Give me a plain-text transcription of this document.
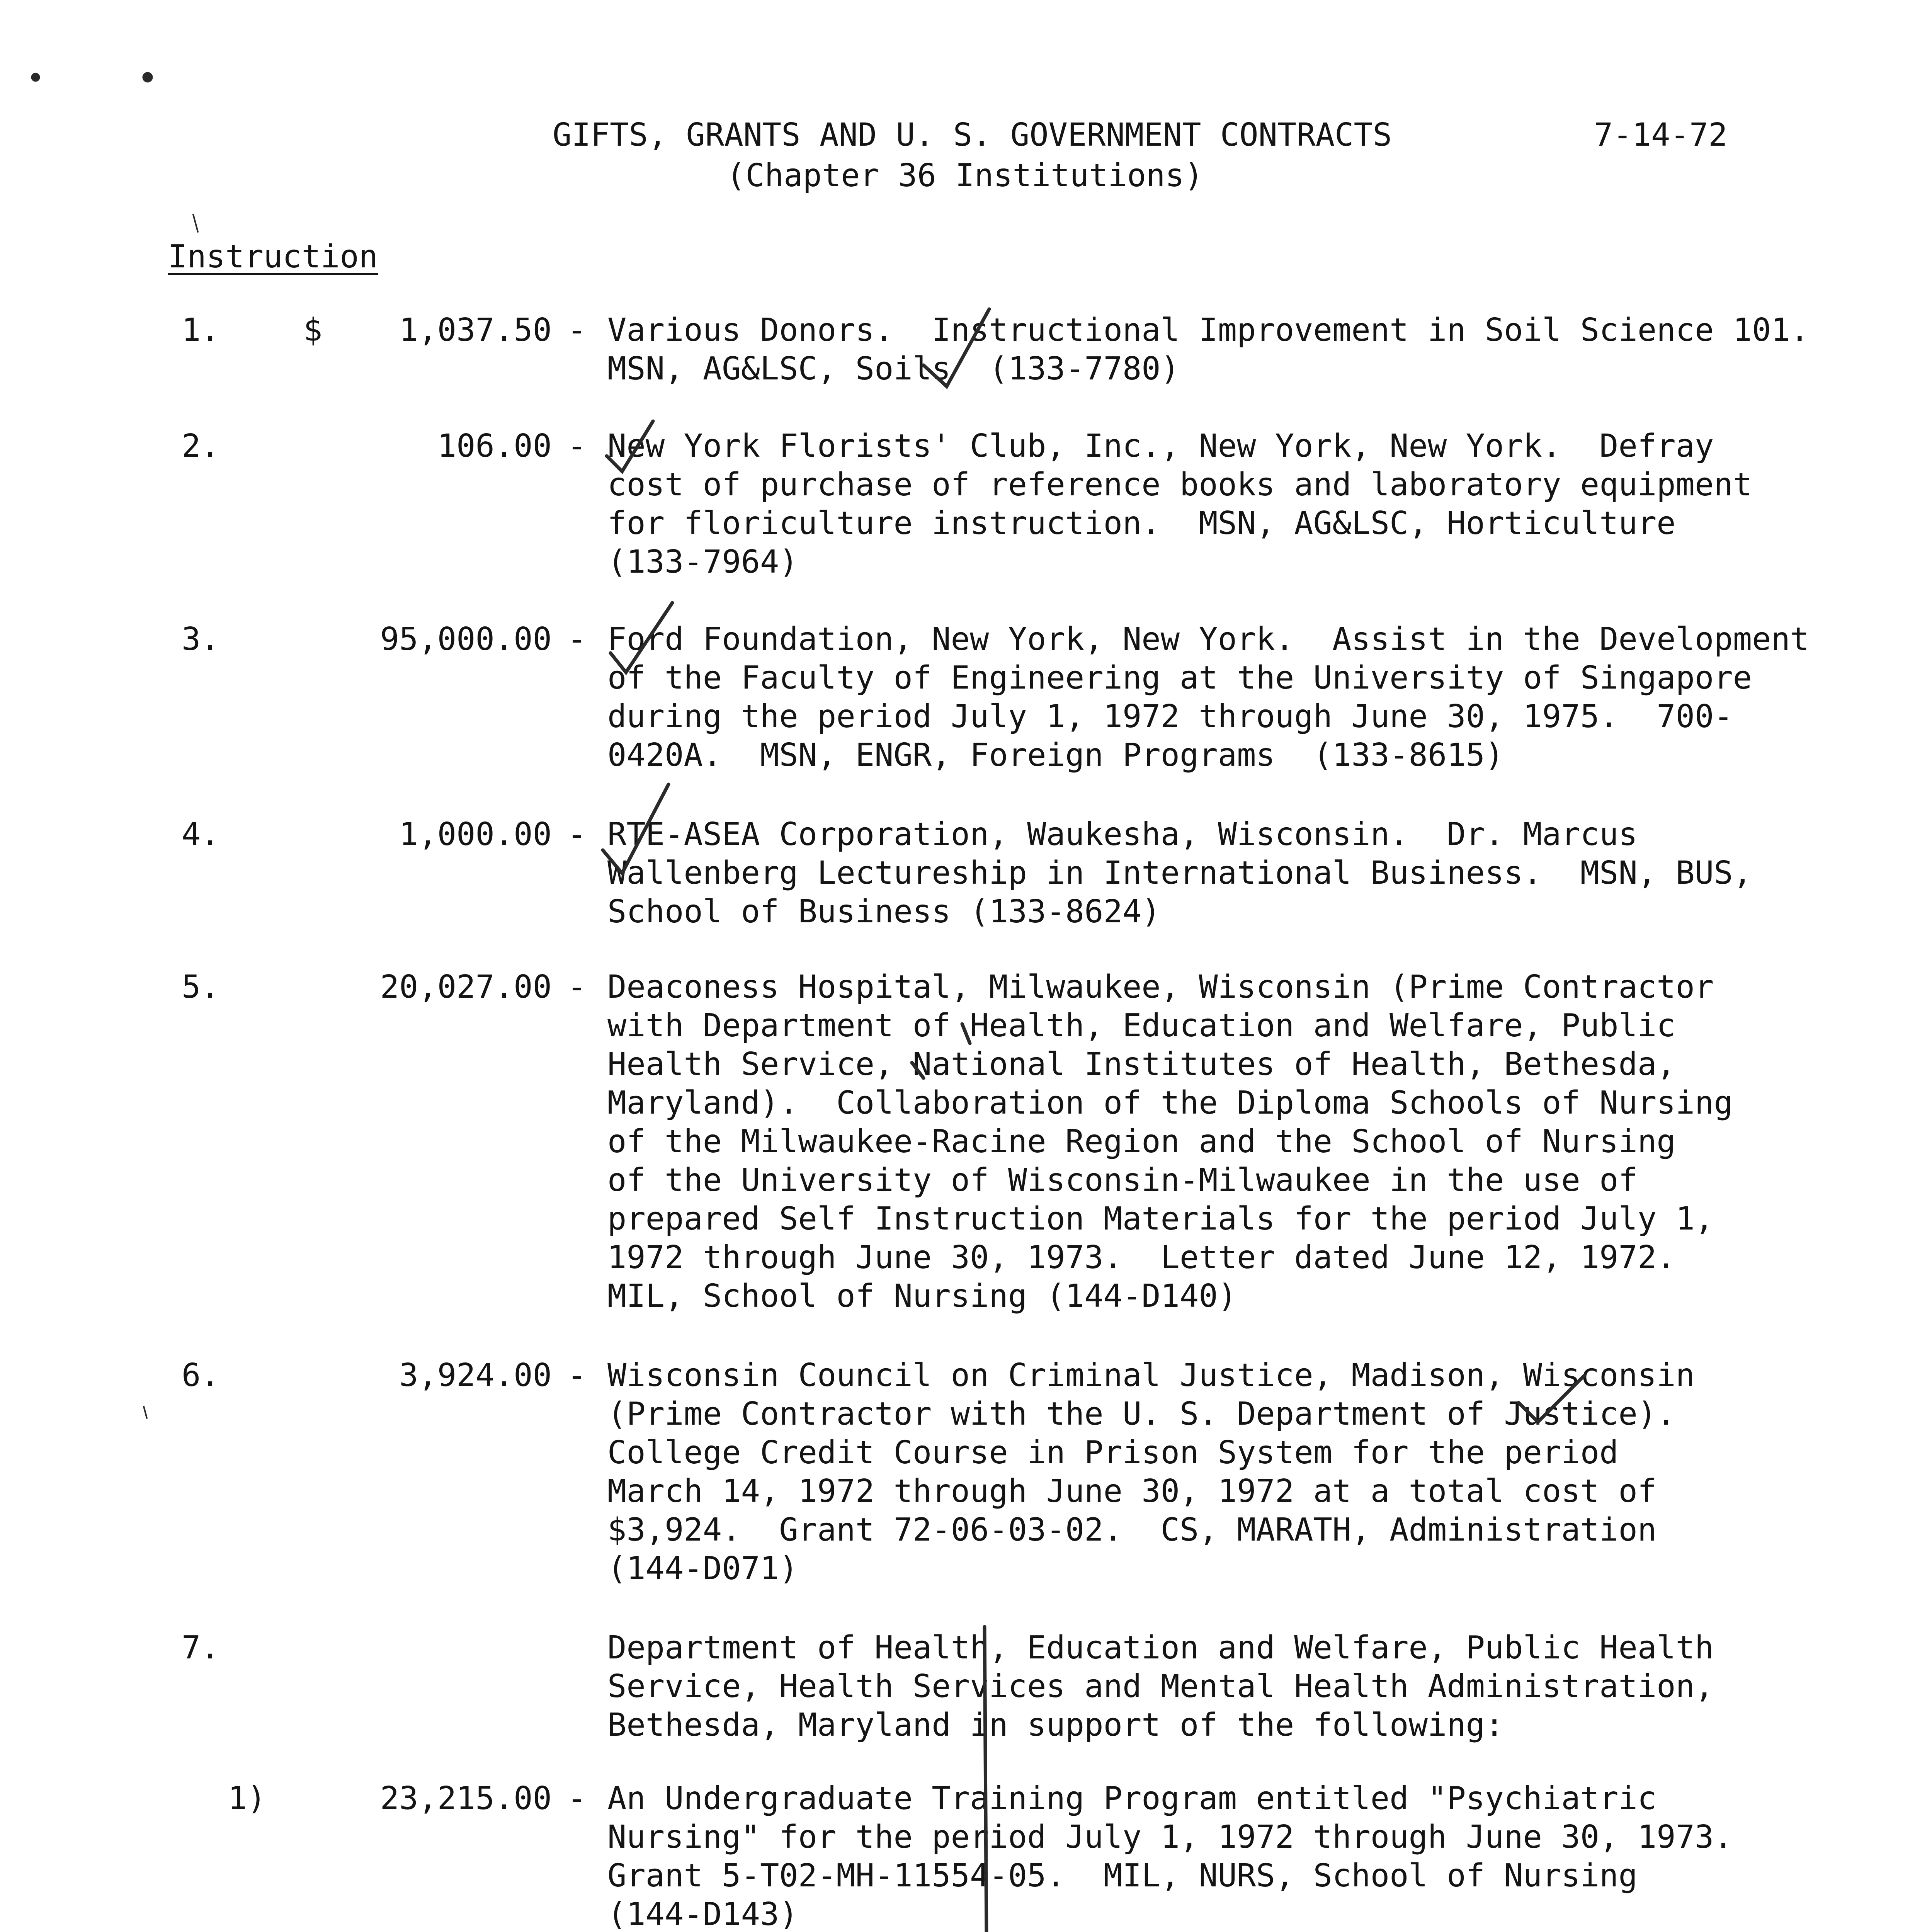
GIFTS, GRANTS AND U. S. GOVERNMENT CONTRACTS
(Chapter 36 Institutions)
7-14-72
Instruction
1.	$ 1,037.50 - Various Donors.  Instructional Improvement in Soil Science 101.
MSN, AG&LSC, Soils  (133-7780)
2.	106.00 - New York Florists' Club, Inc., New York, New York.  Defray
cost of purchase of reference books and laboratory equipment
for floriculture instruction.  MSN, AG&LSC, Horticulture
(133-7964)
3.	95,000.00 - Ford Foundation, New York, New York.  Assist in the Development
of the Faculty of Engineering at the University of Singapore
during the period July 1, 1972 through June 30, 1975.  700-
0420A.  MSN, ENGR, Foreign Programs  (133-8615)
4.	1,000.00 - RTE-ASEA Corporation, Waukesha, Wisconsin.  Dr. Marcus
Wallenberg Lectureship in International Business.  MSN, BUS,
School of Business (133-8624)
5.	20,027.00 - Deaconess Hospital, Milwaukee, Wisconsin (Prime Contractor
with Department of Health, Education and Welfare, Public
Health Service, National Institutes of Health, Bethesda,
Maryland).  Collaboration of the Diploma Schools of Nursing
of the Milwaukee-Racine Region and the School of Nursing
of the University of Wisconsin-Milwaukee in the use of
prepared Self Instruction Materials for the period July 1,
1972 through June 30, 1973.  Letter dated June 12, 1972.
MIL, School of Nursing (144-D140)
6.	3,924.00 - Wisconsin Council on Criminal Justice, Madison, Wisconsin
(Prime Contractor with the U. S. Department of Justice).
College Credit Course in Prison System for the period
March 14, 1972 through June 30, 1972 at a total cost of
$3,924.  Grant 72-06-03-02.  CS, MARATH, Administration
(144-D071)
7.	Department of Health, Education and Welfare, Public Health
Service, Health Services and Mental Health Administration,
Bethesda, Maryland in support of the following:
1)	23,215.00 - An Undergraduate Training Program entitled "Psychiatric
Nursing" for the period July 1, 1972 through June 30, 1973.
Grant 5-T02-MH-11554-05.  MIL, NURS, School of Nursing
(144-D143)
